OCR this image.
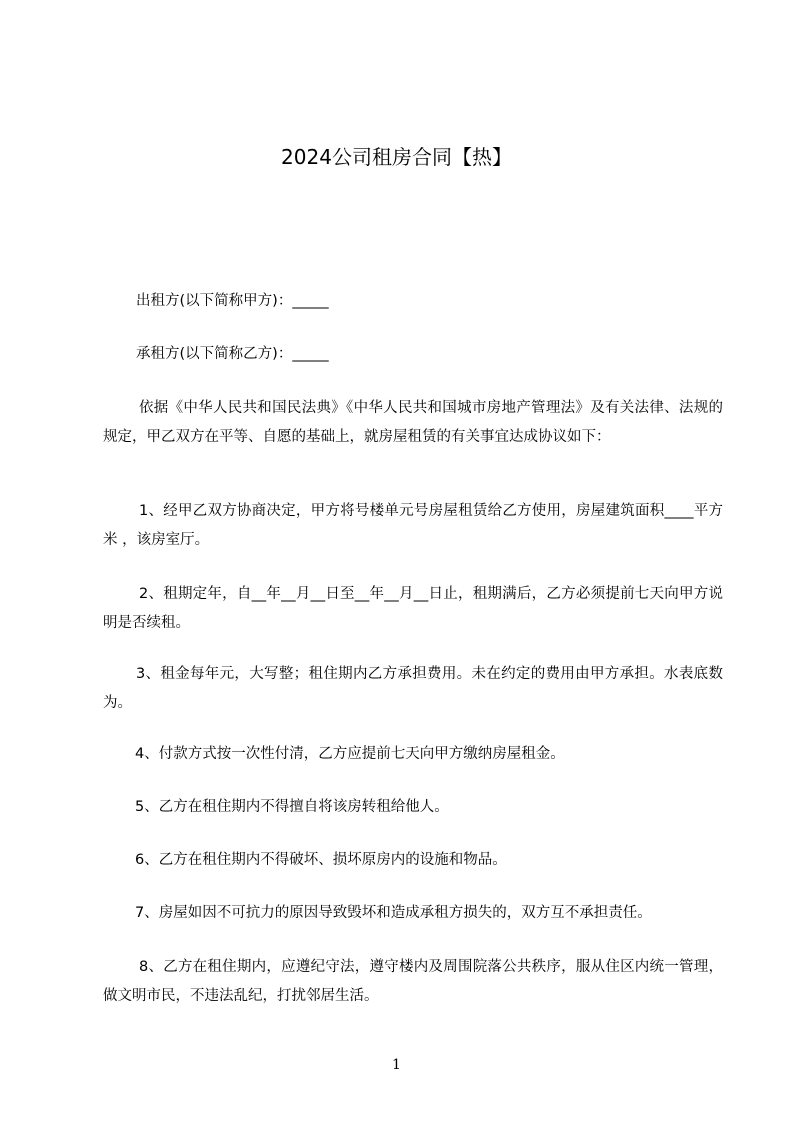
2024公司租房合同【热】

出租方(以下简称甲方)：_____

承租方(以下简称乙方)：_____

依据《中华人民共和国民法典》《中华人民共和国城市房地产管理法》及有关法律、法规的规定，甲乙双方在平等、自愿的基础上，就房屋租赁的有关事宜达成协议如下：

1、经甲乙双方协商决定，甲方将号楼单元号房屋租赁给乙方使用，房屋建筑面积____平方米 ，该房室厅。

2、租期定年，自__年__月__日至__年__月__日止，租期满后，乙方必须提前七天向甲方说明是否续租。

3、租金每年元，大写整；租住期内乙方承担费用。未在约定的费用由甲方承担。水表底数为。

4、付款方式按一次性付清，乙方应提前七天向甲方缴纳房屋租金。

5、乙方在租住期内不得擅自将该房转租给他人。

6、乙方在租住期内不得破坏、损坏原房内的设施和物品。

7、房屋如因不可抗力的原因导致毁坏和造成承租方损失的，双方互不承担责任。

8、乙方在租住期内，应遵纪守法，遵守楼内及周围院落公共秩序，服从住区内统一管理，做文明市民，不违法乱纪，打扰邻居生活。

1
